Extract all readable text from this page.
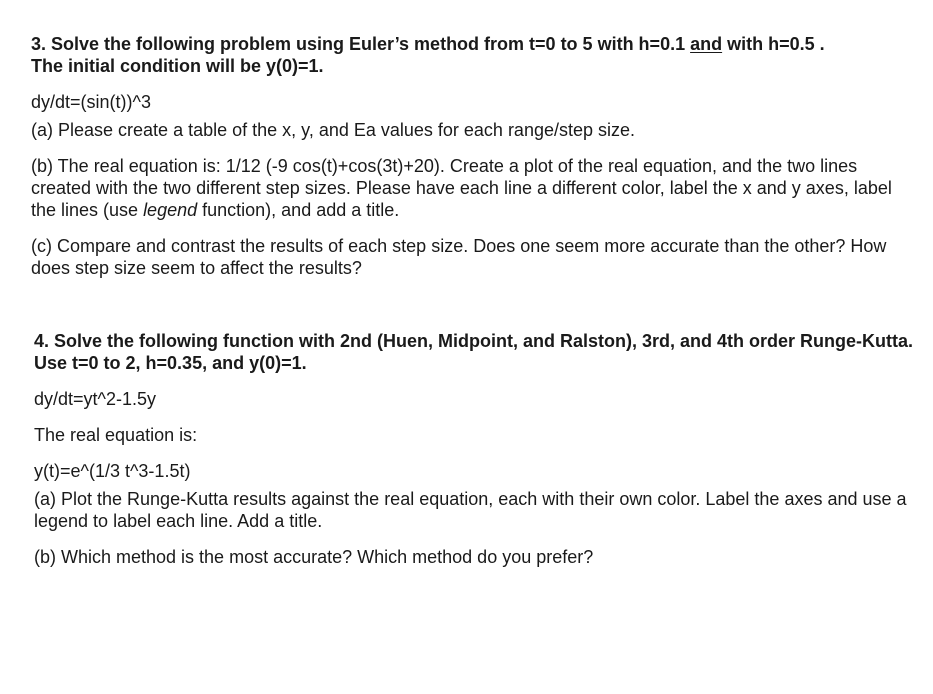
3. Solve the following problem using Euler’s method from t=0 to 5 with h=0.1 and with h=0.5 .
The initial condition will be y(0)=1.

dy/dt=(sin(t))^3

(a) Please create a table of the x, y, and Ea values for each range/step size.

(b) The real equation is: 1/12 (-9 cos(t)+cos(3t)+20). Create a plot of the real equation, and the two lines created with the two different step sizes. Please have each line a different color, label the x and y axes, label the lines (use legend function), and add a title.

(c) Compare and contrast the results of each step size. Does one seem more accurate than the other? How does step size seem to affect the results?

4. Solve the following function with 2nd (Huen, Midpoint, and Ralston), 3rd, and 4th order Runge-Kutta. Use t=0 to 2, h=0.35, and y(0)=1.

dy/dt=yt^2-1.5y

The real equation is:

y(t)=e^(1/3 t^3-1.5t)

(a) Plot the Runge-Kutta results against the real equation, each with their own color. Label the axes and use a legend to label each line. Add a title.

(b) Which method is the most accurate? Which method do you prefer?
